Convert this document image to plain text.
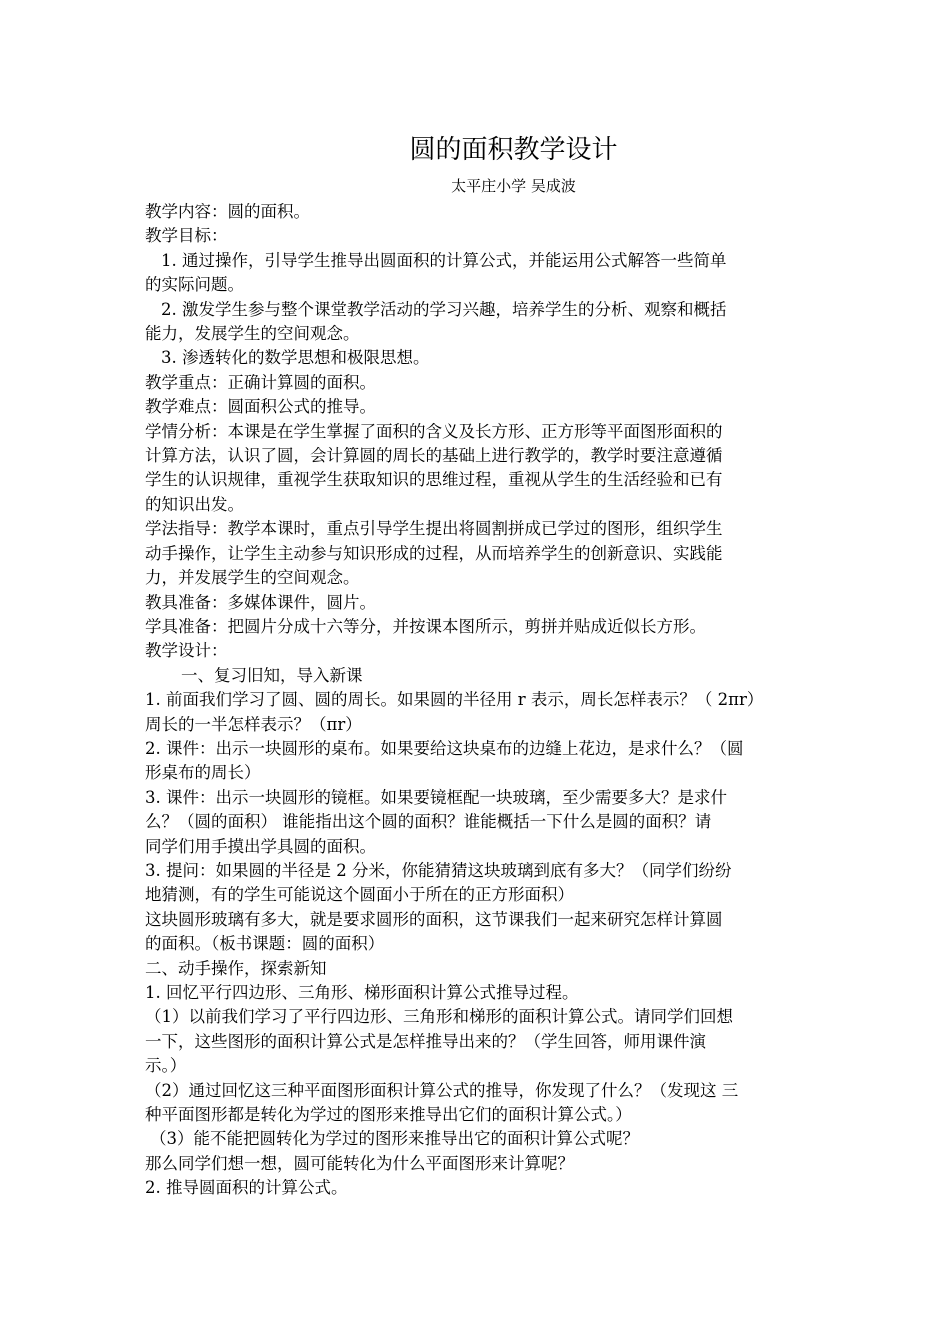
圆的面积教学设计
太平庄小学 吴成波

教学内容：圆的面积。

教学目标：

1. 通过操作，引导学生推导出圆面积的计算公式，并能运用公式解答一些简单

的实际问题。

2. 激发学生参与整个课堂教学活动的学习兴趣，培养学生的分析、观察和概括

能力，发展学生的空间观念。

3. 渗透转化的数学思想和极限思想。

教学重点：正确计算圆的面积。

教学难点：圆面积公式的推导。

学情分析：本课是在学生掌握了面积的含义及长方形、正方形等平面图形面积的

计算方法，认识了圆，会计算圆的周长的基础上进行教学的，教学时要注意遵循

学生的认识规律，重视学生获取知识的思维过程，重视从学生的生活经验和已有

的知识出发。

学法指导：教学本课时，重点引导学生提出将圆割拼成已学过的图形，组织学生

动手操作，让学生主动参与知识形成的过程，从而培养学生的创新意识、实践能

力，并发展学生的空间观念。

教具准备：多媒体课件，圆片。

学具准备：把圆片分成十六等分，并按课本图所示，剪拼并贴成近似长方形。

教学设计：

一、复习旧知，导入新课

1. 前面我们学习了圆、圆的周长。如果圆的半径用 r 表示，周长怎样表示？（ 2πr）

周长的一半怎样表示？（πr）

2. 课件：出示一块圆形的桌布。如果要给这块桌布的边缝上花边，是求什么？（圆

形桌布的周长）

3. 课件：出示一块圆形的镜框。如果要镜框配一块玻璃，至少需要多大？是求什

么？（圆的面积） 谁能指出这个圆的面积？谁能概括一下什么是圆的面积？请

同学们用手摸出学具圆的面积。

3. 提问：如果圆的半径是 2 分米，你能猜猜这块玻璃到底有多大？（同学们纷纷

地猜测，有的学生可能说这个圆面小于所在的正方形面积）

这块圆形玻璃有多大，就是要求圆形的面积，这节课我们一起来研究怎样计算圆

的面积。（板书课题：圆的面积）

二、动手操作，探索新知

1. 回忆平行四边形、三角形、梯形面积计算公式推导过程。

（1）以前我们学习了平行四边形、三角形和梯形的面积计算公式。请同学们回想

一下，这些图形的面积计算公式是怎样推导出来的？（学生回答，师用课件演

示。）

（2）通过回忆这三种平面图形面积计算公式的推导，你发现了什么？（发现这 三

种平面图形都是转化为学过的图形来推导出它们的面积计算公式。）

（3）能不能把圆转化为学过的图形来推导出它的面积计算公式呢？

那么同学们想一想，圆可能转化为什么平面图形来计算呢？

2. 推导圆面积的计算公式。
